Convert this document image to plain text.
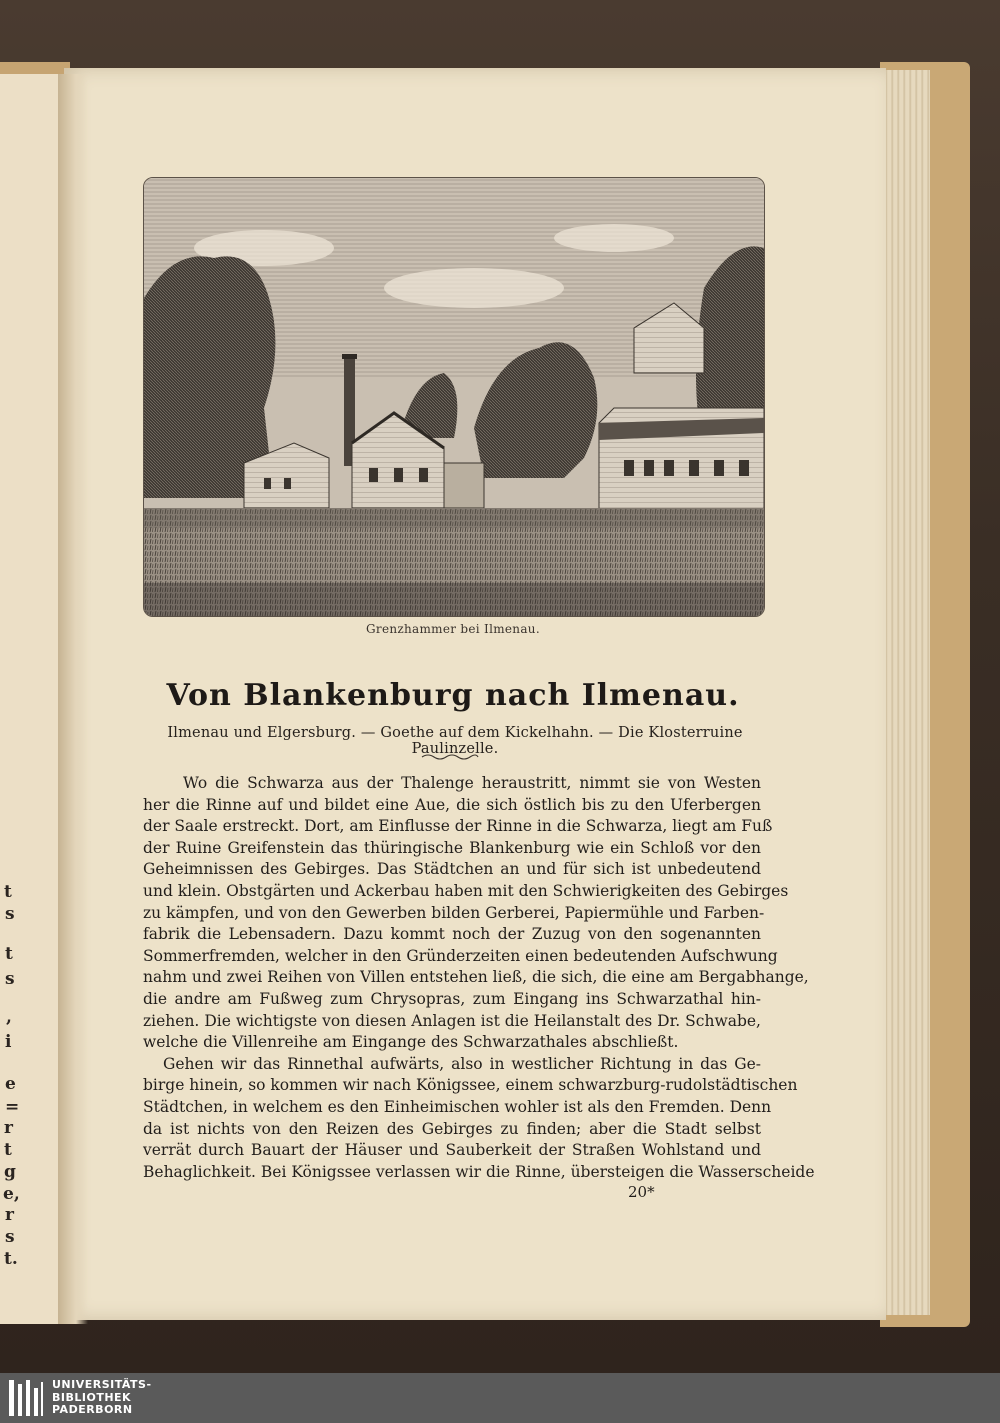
t
s
t
s
,
i
e
=
r
t
g
e,
r
s
t.
Grenzhammer bei Ilmenau.
Von Blankenburg nach Ilmenau.
Ilmenau und Elgersburg. — Goethe auf dem Kickelhahn. — Die Klosterruine Paulinzelle.
Wo die Schwarza aus der Thalenge heraustritt, nimmt sie von Westen
her die Rinne auf und bildet eine Aue, die sich östlich bis zu den Uferbergen
der Saale erstreckt. Dort, am Einflusse der Rinne in die Schwarza, liegt am Fuß
der Ruine Greifenstein das thüringische Blankenburg wie ein Schloß vor den
Geheimnissen des Gebirges. Das Städtchen an und für sich ist unbedeutend
und klein. Obstgärten und Ackerbau haben mit den Schwierigkeiten des Gebirges
zu kämpfen, und von den Gewerben bilden Gerberei, Papiermühle und Farben-
fabrik die Lebensadern. Dazu kommt noch der Zuzug von den sogenannten
Sommerfremden, welcher in den Gründerzeiten einen bedeutenden Aufschwung
nahm und zwei Reihen von Villen entstehen ließ, die sich, die eine am Bergabhange,
die andre am Fußweg zum Chrysopras, zum Eingang ins Schwarzathal hin-
ziehen. Die wichtigste von diesen Anlagen ist die Heilanstalt des Dr. Schwabe,
welche die Villenreihe am Eingange des Schwarzathales abschließt.
Gehen wir das Rinnethal aufwärts, also in westlicher Richtung in das Ge-
birge hinein, so kommen wir nach Königssee, einem schwarzburg-rudolstädtischen
Städtchen, in welchem es den Einheimischen wohler ist als den Fremden. Denn
da ist nichts von den Reizen des Gebirges zu finden; aber die Stadt selbst
verrät durch Bauart der Häuser und Sauberkeit der Straßen Wohlstand und
Behaglichkeit. Bei Königssee verlassen wir die Rinne, übersteigen die Wasserscheide
20*
UNIVERSITÄTS-
BIBLIOTHEK
PADERBORN
